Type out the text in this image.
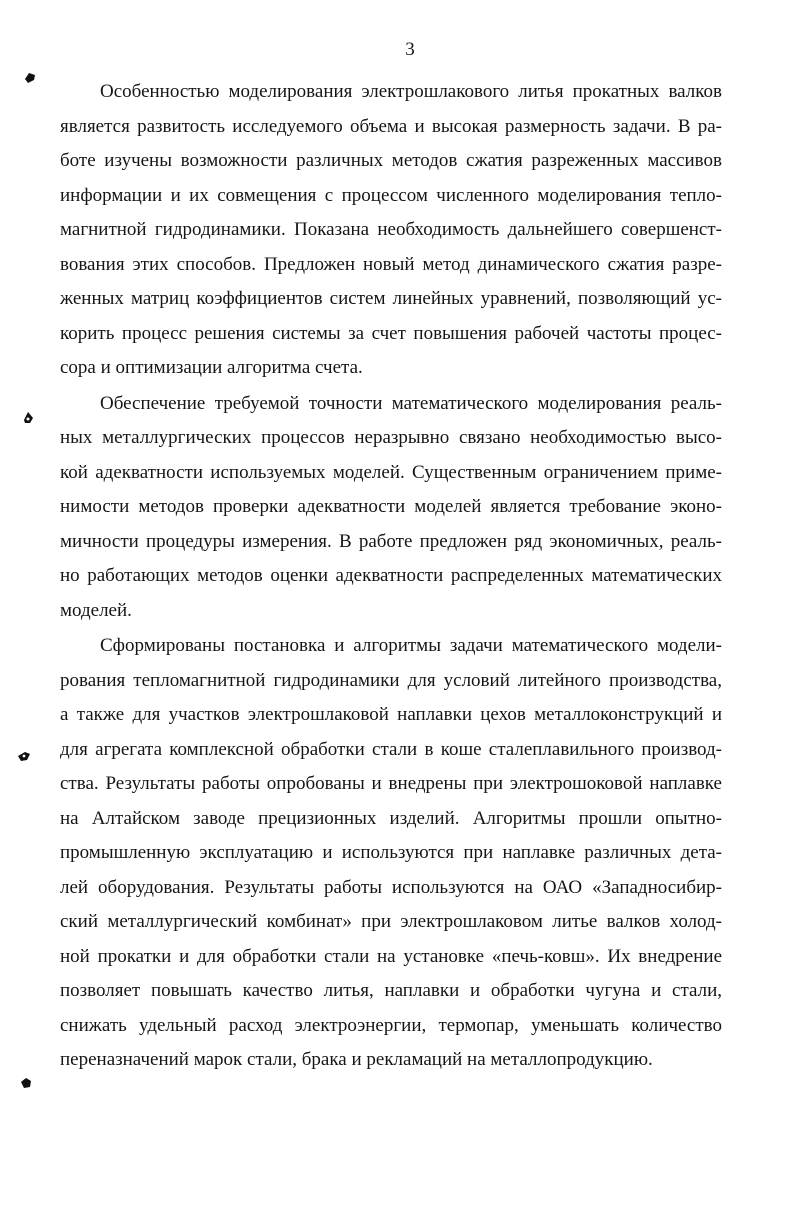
3
Особенностью моделирования электрошлакового литья прокатных валков
является развитость исследуемого объема и высокая размерность задачи. В ра-
боте изучены возможности различных методов сжатия разреженных массивов
информации и их совмещения с процессом численного моделирования тепло-
магнитной гидродинамики. Показана необходимость дальнейшего совершенст-
вования этих способов. Предложен новый метод динамического сжатия разре-
женных матриц коэффициентов систем линейных уравнений, позволяющий ус-
корить процесс решения системы за счет повышения рабочей частоты процес-
сора и оптимизации алгоритма счета.
Обеспечение требуемой точности математического моделирования реаль-
ных металлургических процессов неразрывно связано необходимостью высо-
кой адекватности используемых моделей. Существенным ограничением приме-
нимости методов проверки адекватности моделей является требование эконо-
мичности процедуры измерения. В работе предложен ряд экономичных, реаль-
но работающих методов оценки адекватности распределенных математических
моделей.
Сформированы постановка и алгоритмы задачи математического модели-
рования тепломагнитной гидродинамики для условий литейного производства,
а также для участков электрошлаковой наплавки цехов металлоконструкций и
для агрегата комплексной обработки стали в коше сталеплавильного производ-
ства. Результаты работы опробованы и внедрены при электрошоковой наплавке
на Алтайском заводе прецизионных изделий. Алгоритмы прошли опытно-
промышленную эксплуатацию и используются при наплавке различных дета-
лей оборудования. Результаты работы используются на ОАО «Западносибир-
ский металлургический комбинат» при электрошлаковом литье валков холод-
ной прокатки и для обработки стали на установке «печь-ковш». Их внедрение
позволяет повышать качество литья, наплавки и обработки чугуна и стали,
снижать удельный расход электроэнергии, термопар, уменьшать количество
переназначений марок стали, брака и рекламаций на металлопродукцию.
